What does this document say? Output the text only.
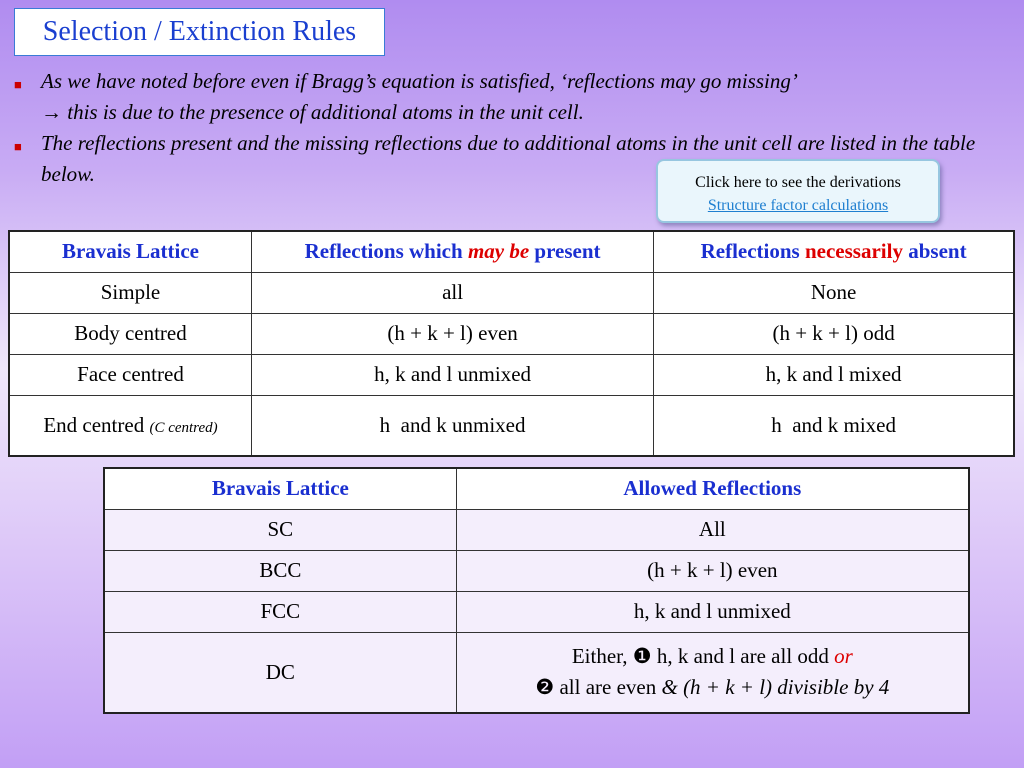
Selection / Extinction Rules
■ As we have noted before even if Bragg’s equation is satisfied, ‘reflections may go missing’
→ this is due to the presence of additional atoms in the unit cell.
■ The reflections present and the missing reflections due to additional atoms in the unit cell are listed in the table below.	Click here to see the derivations
Structure factor calculations
Bravais Lattice	Reflections which may be present	Reflections necessarily absent
Simple	all	None
Body centred	(h + k + l) even	(h + k + l) odd
Face centred	h, k and l unmixed	h, k and l mixed
End centred (C centred)	h  and k unmixed	h  and k mixed
Bravais Lattice	Allowed Reflections
SC	All
BCC	(h + k + l) even
FCC	h, k and l unmixed
DC	Either, ❶ h, k and l are all odd or
❷ all are even & (h + k + l) divisible by 4
